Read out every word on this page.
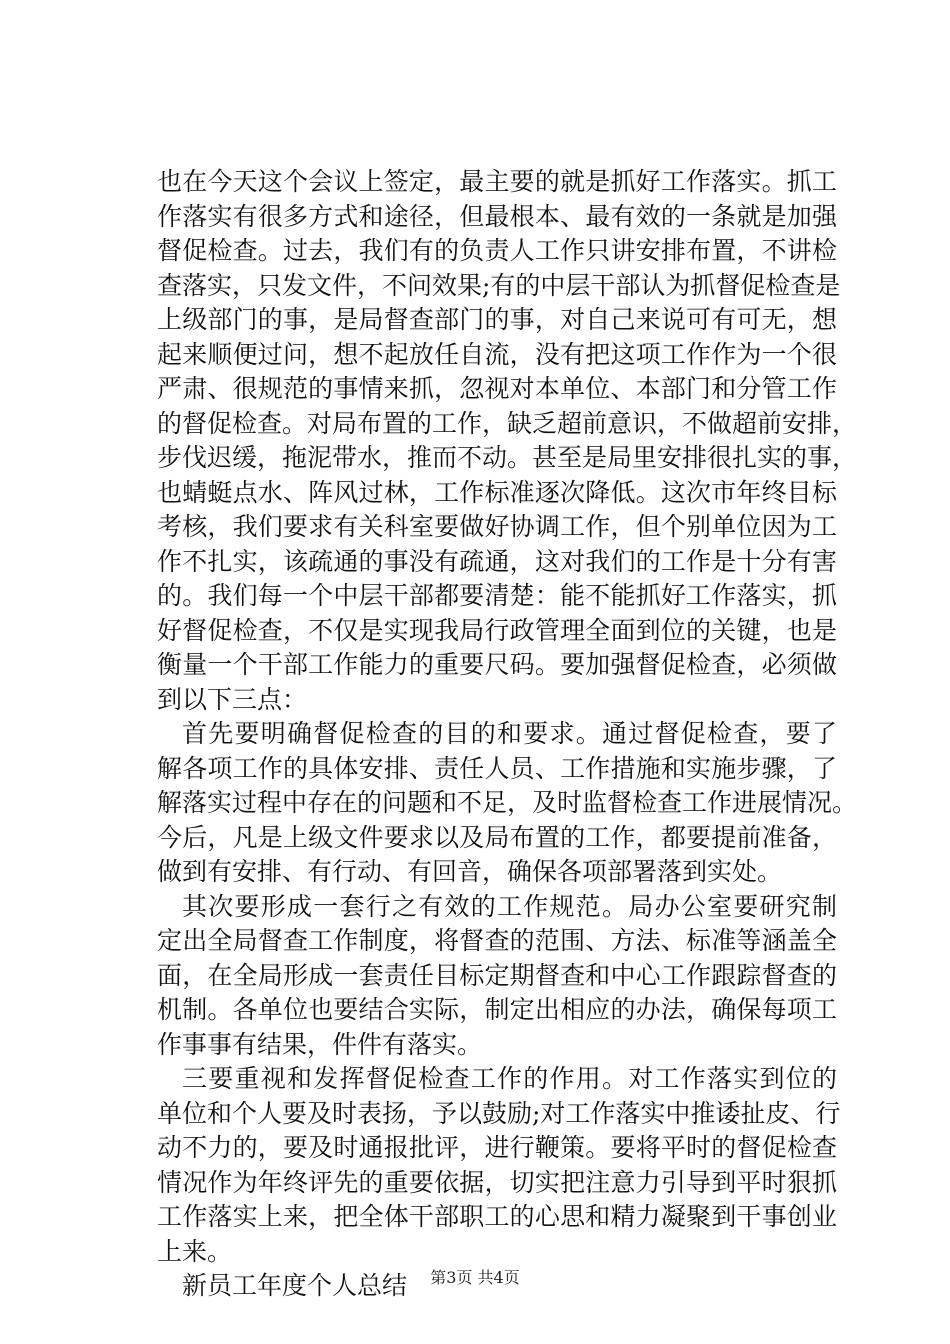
也在今天这个会议上签定，最主要的就是抓好工作落实。抓工
作落实有很多方式和途径，但最根本、最有效的一条就是加强
督促检查。过去，我们有的负责人工作只讲安排布置，不讲检
查落实，只发文件，不问效果;有的中层干部认为抓督促检查是
上级部门的事，是局督查部门的事，对自己来说可有可无，想
起来顺便过问，想不起放任自流，没有把这项工作作为一个很
严肃、很规范的事情来抓，忽视对本单位、本部门和分管工作
的督促检查。对局布置的工作，缺乏超前意识，不做超前安排，
步伐迟缓，拖泥带水，推而不动。甚至是局里安排很扎实的事，
也蜻蜓点水、阵风过林，工作标准逐次降低。这次市年终目标
考核，我们要求有关科室要做好协调工作，但个别单位因为工
作不扎实，该疏通的事没有疏通，这对我们的工作是十分有害
的。我们每一个中层干部都要清楚：能不能抓好工作落实，抓
好督促检查，不仅是实现我局行政管理全面到位的关键，也是
衡量一个干部工作能力的重要尺码。要加强督促检查，必须做
到以下三点：
首先要明确督促检查的目的和要求。通过督促检查，要了
解各项工作的具体安排、责任人员、工作措施和实施步骤，了
解落实过程中存在的问题和不足，及时监督检查工作进展情况。
今后，凡是上级文件要求以及局布置的工作，都要提前准备，
做到有安排、有行动、有回音，确保各项部署落到实处。
其次要形成一套行之有效的工作规范。局办公室要研究制
定出全局督查工作制度，将督查的范围、方法、标准等涵盖全
面，在全局形成一套责任目标定期督查和中心工作跟踪督查的
机制。各单位也要结合实际，制定出相应的办法，确保每项工
作事事有结果，件件有落实。
三要重视和发挥督促检查工作的作用。对工作落实到位的
单位和个人要及时表扬，予以鼓励;对工作落实中推诿扯皮、行
动不力的，要及时通报批评，进行鞭策。要将平时的督促检查
情况作为年终评先的重要依据，切实把注意力引导到平时狠抓
工作落实上来，把全体干部职工的心思和精力凝聚到干事创业
上来。
新员工年度个人总结	第3页 共4页
